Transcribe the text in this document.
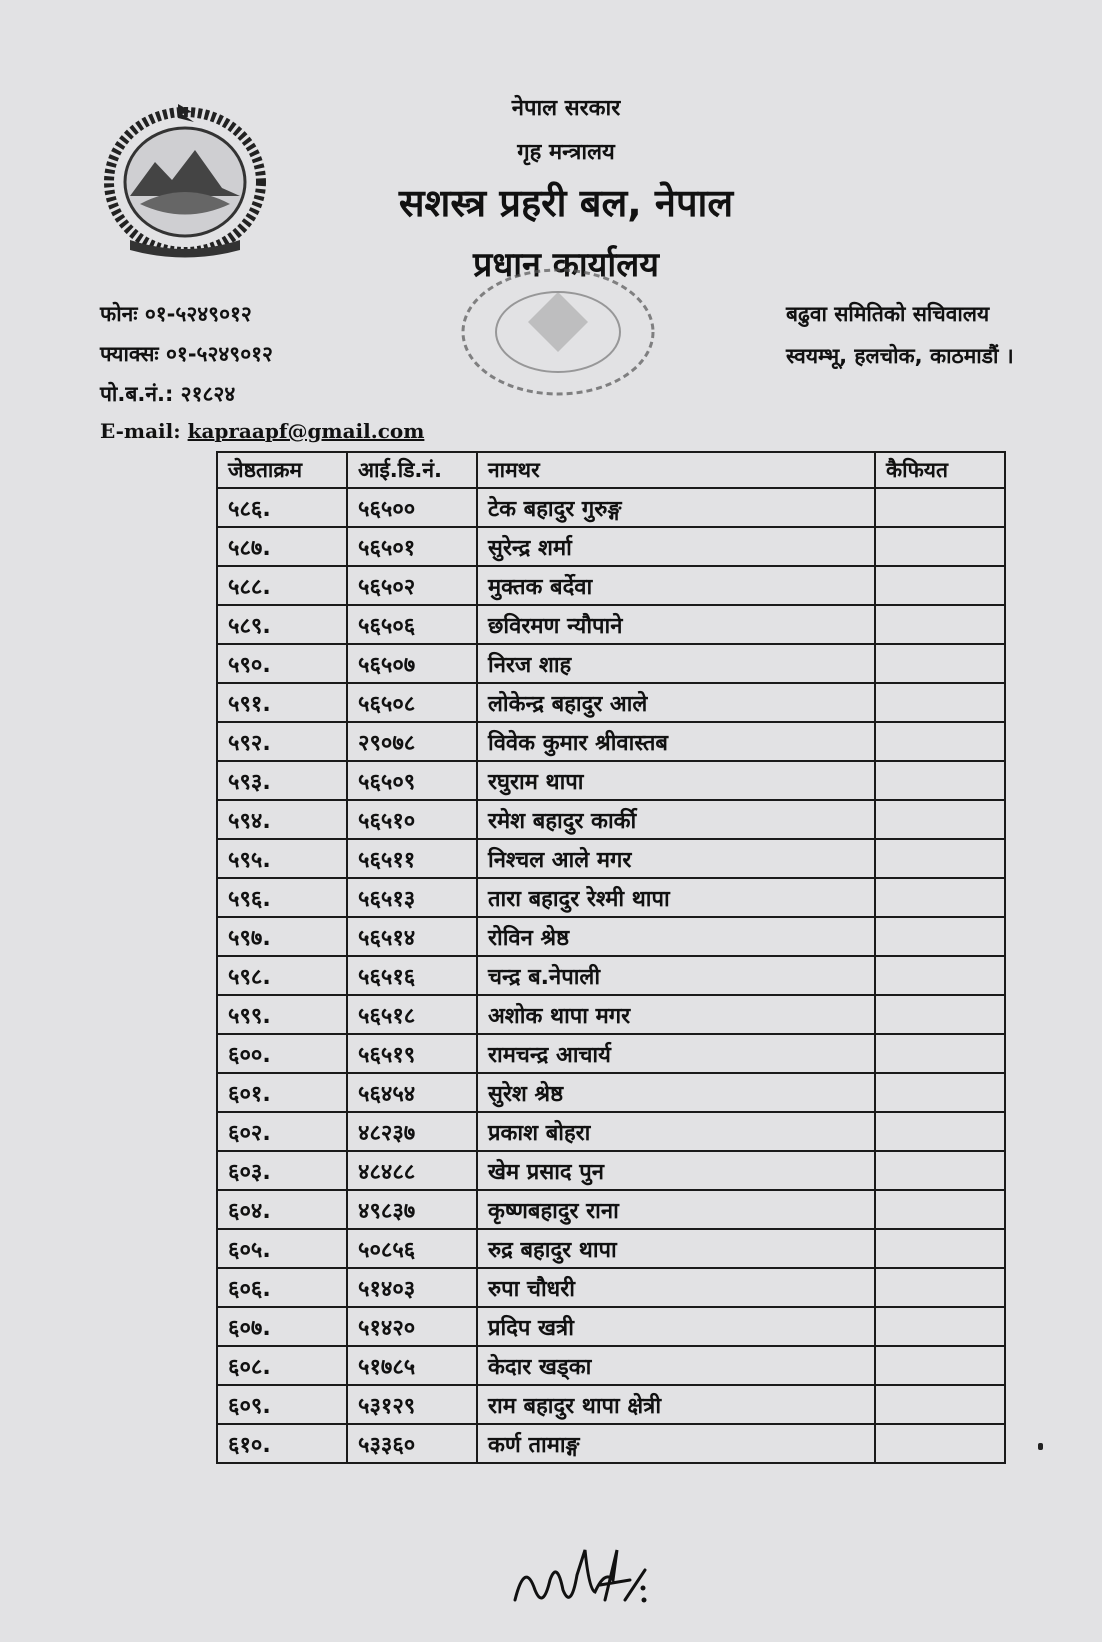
नेपाल सरकार
गृह मन्त्रालय
सशस्त्र प्रहरी बल, नेपाल
प्रधान कार्यालय
फोनः ०१-५२४९०१२
फ्याक्सः ०१-५२४९०१२
पो.ब.नं.: २१८२४
E-mail: kapraapf@gmail.com
बढुवा समितिको सचिवालय
स्वयम्भू, हलचोक, काठमाडौं ।
जेष्ठताक्रम	आई.डि.नं.	नामथर	कैफियत
५८६.	५६५००	टेक बहादुर गुरुङ्ग	
५८७.	५६५०१	सुरेन्द्र शर्मा	
५८८.	५६५०२	मुक्तक बर्देवा	
५८९.	५६५०६	छविरमण न्यौपाने	
५९०.	५६५०७	निरज शाह	
५९१.	५६५०८	लोकेन्द्र बहादुर आले	
५९२.	२९०७८	विवेक कुमार श्रीवास्तब	
५९३.	५६५०९	रघुराम थापा	
५९४.	५६५१०	रमेश बहादुर कार्की	
५९५.	५६५११	निश्चल आले मगर	
५९६.	५६५१३	तारा बहादुर रेश्मी थापा	
५९७.	५६५१४	रोविन श्रेष्ठ	
५९८.	५६५१६	चन्द्र ब.नेपाली	
५९९.	५६५१८	अशोक थापा मगर	
६००.	५६५१९	रामचन्द्र आचार्य	
६०१.	५६४५४	सुरेश श्रेष्ठ	
६०२.	४८२३७	प्रकाश बोहरा	
६०३.	४८४८८	खेम प्रसाद पुन	
६०४.	४९८३७	कृष्णबहादुर राना	
६०५.	५०८५६	रुद्र बहादुर थापा	
६०६.	५१४०३	रुपा चौधरी	
६०७.	५१४२०	प्रदिप खत्री	
६०८.	५१७८५	केदार खड्का	
६०९.	५३१२९	राम बहादुर थापा क्षेत्री	
६१०.	५३३६०	कर्ण तामाङ्ग	
